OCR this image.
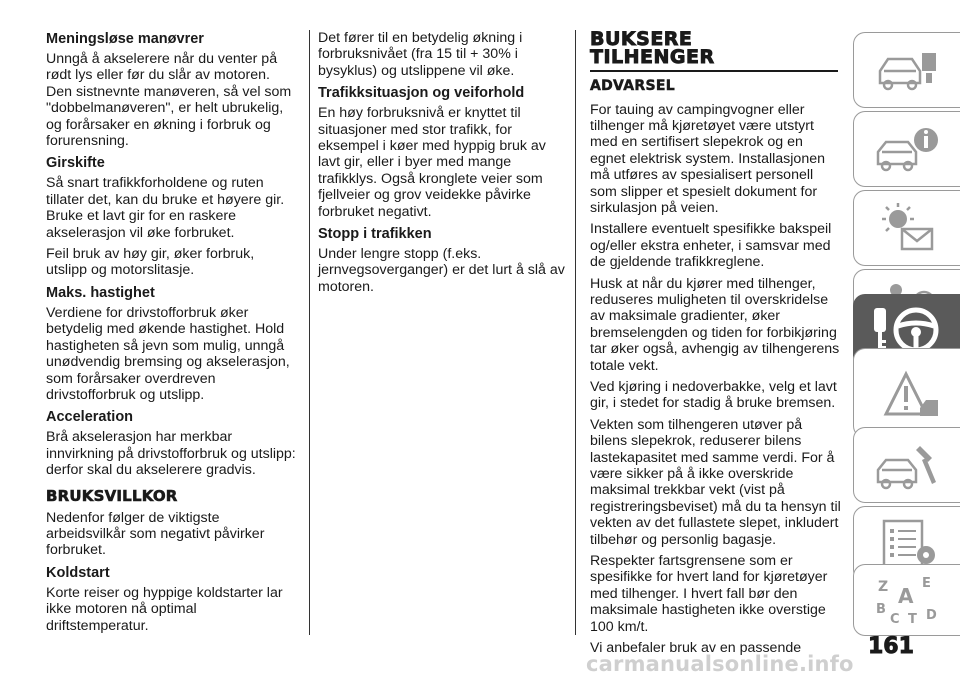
Meningsløse manøvrer

Unngå å akselerere når du venter på rødt lys eller før du slår av motoren. Den sistnevnte manøveren, så vel som "dobbelmanøveren", er helt ubrukelig, og forårsaker en økning i forbruk og forurensning.

Girskifte

Så snart trafikkforholdene og ruten tillater det, kan du bruke et høyere gir. Bruke et lavt gir for en raskere akselerasjon vil øke forbruket.

Feil bruk av høy gir, øker forbruk, utslipp og motorslitasje.

Maks. hastighet

Verdiene for drivstofforbruk øker betydelig med økende hastighet. Hold hastigheten så jevn som mulig, unngå unødvendig bremsing og akselerasjon, som forårsaker overdreven drivstofforbruk og utslipp.

Acceleration

Brå akselerasjon har merkbar innvirkning på drivstofforbruk og utslipp: derfor skal du akselerere gradvis.

BRUKSVILLKOR

Nedenfor følger de viktigste arbeidsvilkår som negativt påvirker forbruket.

Koldstart

Korte reiser og hyppige koldstarter lar ikke motoren nå optimal driftstemperatur.

Det fører til en betydelig økning i forbruksnivået (fra 15 til + 30% i bysyklus) og utslippene vil øke.

Trafikksituasjon og veiforhold

En høy forbruksnivå er knyttet til situasjoner med stor trafikk, for eksempel i køer med hyppig bruk av lavt gir, eller i byer med mange trafikklys. Også kronglete veier som fjellveier og grov veidekke påvirke forbruket negativt.

Stopp i trafikken

Under lengre stopp (f.eks. jernvegsoverganger) er det lurt å slå av motoren.

BUKSERE
TILHENGER
ADVARSEL

For tauing av campingvogner eller tilhenger må kjøretøyet være utstyrt med en sertifisert slepekrok og en egnet elektrisk system. Installasjonen må utføres av spesialisert personell som slipper et spesielt dokument for sirkulasjon på veien.

Installere eventuelt spesifikke bakspeil og/eller ekstra enheter, i samsvar med de gjeldende trafikkreglene.

Husk at når du kjører med tilhenger, reduseres muligheten til overskridelse av maksimale gradienter, øker bremselengden og tiden for forbikjøring tar øker også, avhengig av tilhengerens totale vekt.

Ved kjøring i nedoverbakke, velg et lavt gir, i stedet for stadig å bruke bremsen.

Vekten som tilhengeren utøver på bilens slepekrok, reduserer bilens lastekapasitet med samme verdi. For å være sikker på å ikke overskride maksimal trekkbar vekt (vist på registreringsbeviset) må du ta hensyn til vekten av det fullastete slepet, inkludert tilbehør og personlig bagasje.

Respekter fartsgrensene som er spesifikke for hvert land for kjøretøyer med tilhenger. I hvert fall bør den maksimale hastigheten ikke overstige 100 km/t.

Vi anbefaler bruk av en passende

Z	E
A
B
C T D
161
carmanualsonline.info
